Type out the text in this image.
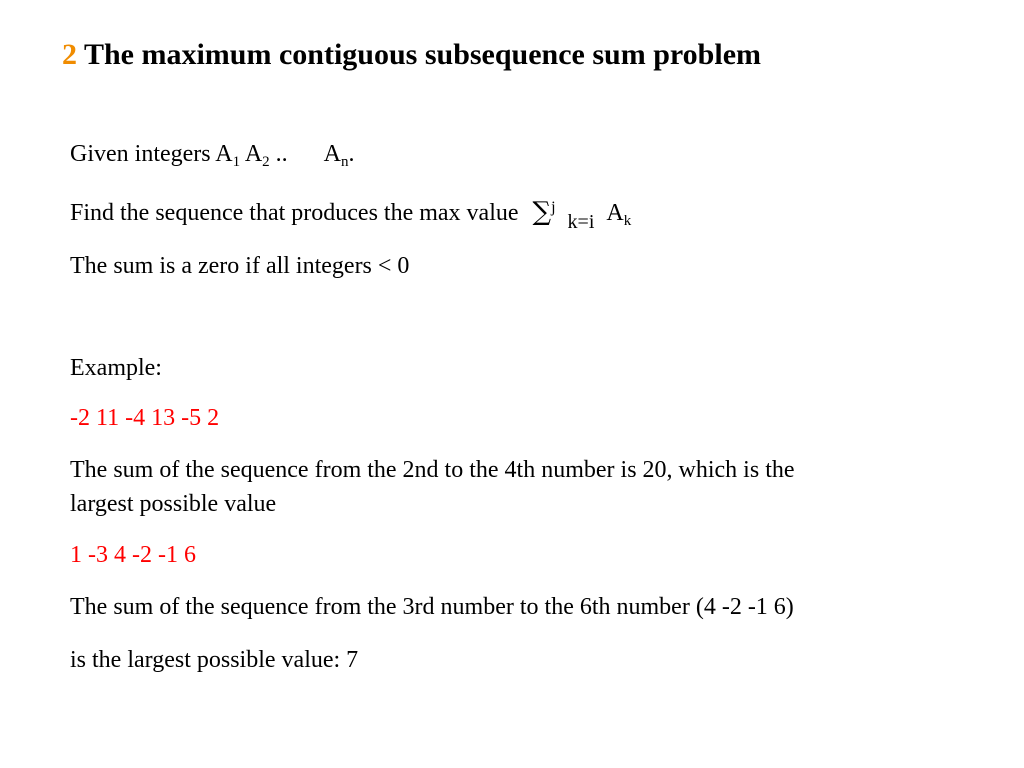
2 The maximum contiguous subsequence sum problem
Given integers $A_1$ $A_2$ .. $A_n$.
Find the sequence that produces the max value ∑$^j_{k=i}$ $A_k$
The sum is a zero if all integers < 0
Example:
-2 11 -4 13 -5 2
The sum of the sequence from the 2nd to the 4th number is 20, which is the
largest possible value
1 -3 4 -2 -1 6
The sum of the sequence from the 3rd number to the 6th number (4 -2 -1 6)
is the largest possible value: 7
